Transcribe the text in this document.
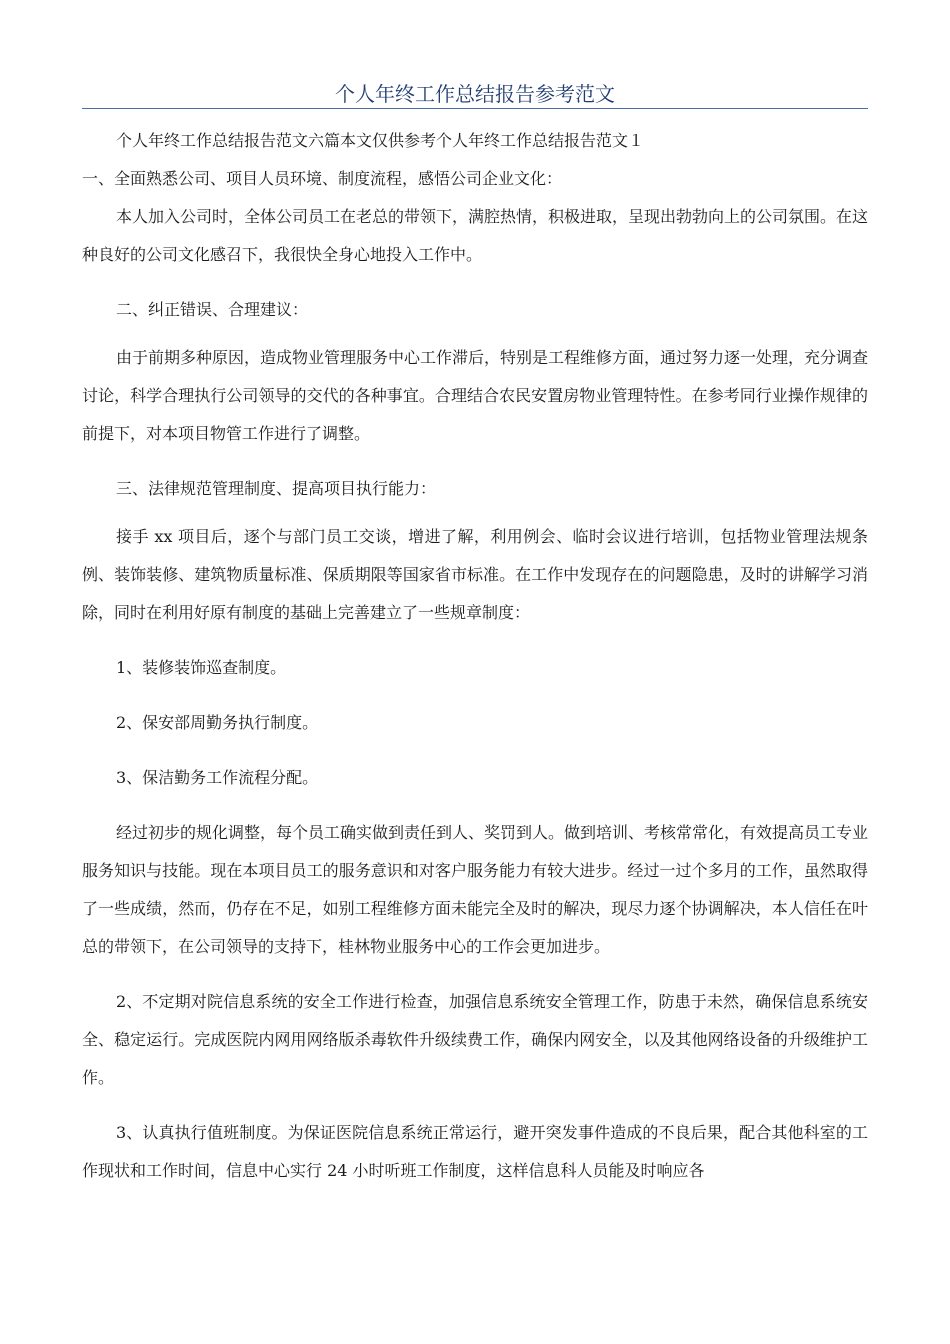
个人年终工作总结报告参考范文

个人年终工作总结报告范文六篇本文仅供参考个人年终工作总结报告范文１

一、全面熟悉公司、项目人员环境、制度流程，感悟公司企业文化：

本人加入公司时，全体公司员工在老总的带领下，满腔热情，积极进取，呈现出勃勃向上的公司氛围。在这种良好的公司文化感召下，我很快全身心地投入工作中。

二、纠正错误、合理建议：

由于前期多种原因，造成物业管理服务中心工作滞后，特别是工程维修方面，通过努力逐一处理，充分调查讨论，科学合理执行公司领导的交代的各种事宜。合理结合农民安置房物业管理特性。在参考同行业操作规律的前提下，对本项目物管工作进行了调整。

三、法律规范管理制度、提高项目执行能力：

接手 xx 项目后，逐个与部门员工交谈，增进了解，利用例会、临时会议进行培训，包括物业管理法规条例、装饰装修、建筑物质量标准、保质期限等国家省市标准。在工作中发现存在的问题隐患，及时的讲解学习消除，同时在利用好原有制度的基础上完善建立了一些规章制度：

1、装修装饰巡查制度。

2、保安部周勤务执行制度。

3、保洁勤务工作流程分配。

经过初步的规化调整，每个员工确实做到责任到人、奖罚到人。做到培训、考核常常化，有效提高员工专业服务知识与技能。现在本项目员工的服务意识和对客户服务能力有较大进步。经过一过个多月的工作，虽然取得了一些成绩，然而，仍存在不足，如别工程维修方面未能完全及时的解决，现尽力逐个协调解决，本人信任在叶总的带领下，在公司领导的支持下，桂林物业服务中心的工作会更加进步。

2、不定期对院信息系统的安全工作进行检查，加强信息系统安全管理工作，防患于未然，确保信息系统安全、稳定运行。完成医院内网用网络版杀毒软件升级续费工作，确保内网安全，以及其他网络设备的升级维护工作。

3、认真执行值班制度。为保证医院信息系统正常运行，避开突发事件造成的不良后果，配合其他科室的工作现状和工作时间，信息中心实行 24 小时听班工作制度，这样信息科人员能及时响应各
